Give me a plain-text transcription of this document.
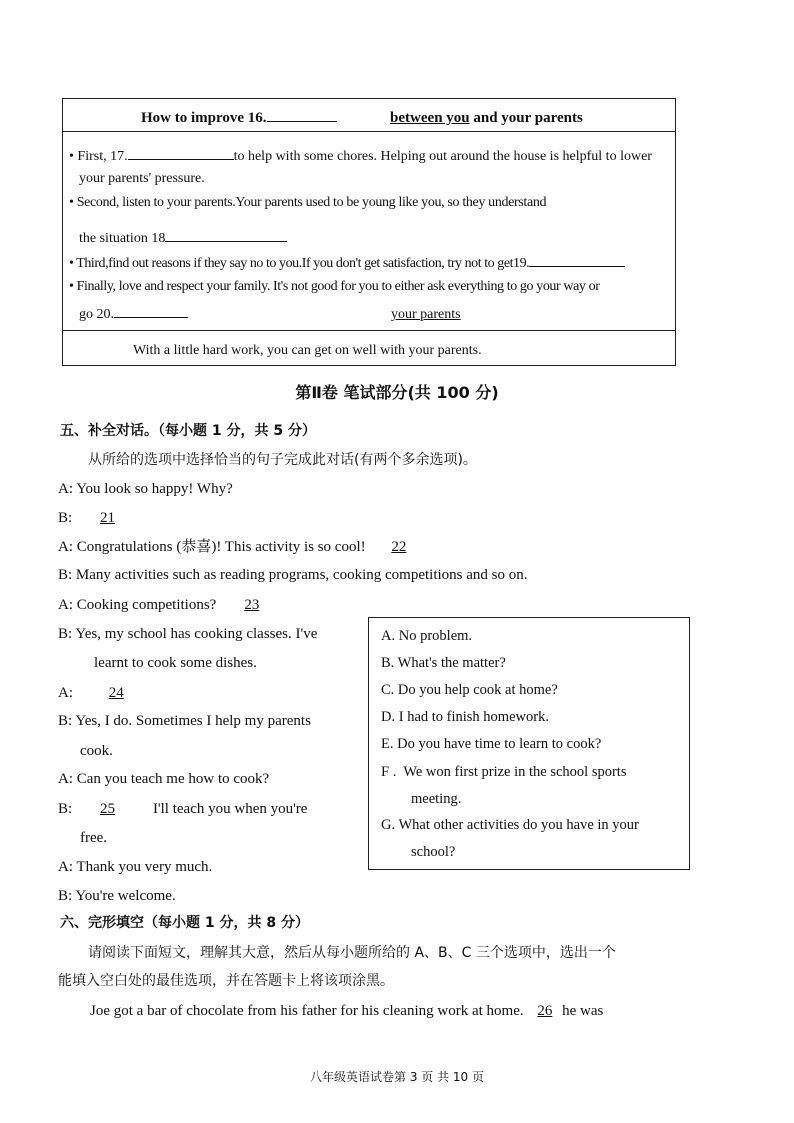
How to improve 16.	between you and your parents
• First, 17.	to help with some chores. Helping out around the house is helpful to lower
your parents' pressure.
• Second, listen to your parents.Your parents used to be young like you, so they understand
the situation 18
• Third,find out reasons if they say no to you.If you don't get satisfaction, try not to get19.
• Finally, love and respect your family. It's not good for you to either ask everything to go your way or
go 20.	your parents
With a little hard work, you can get on well with your parents.
第Ⅱ卷 笔试部分(共 100 分)
五、补全对话。（每小题 1 分，共 5 分）
从所给的选项中选择恰当的句子完成此对话(有两个多余选项)。
A: You look so happy! Why?
B: 21
A: Congratulations (恭喜)! This activity is so cool! 22
B: Many activities such as reading programs, cooking competitions and so on.
A: Cooking competitions? 23
B: Yes, my school has cooking classes. I've
learnt to cook some dishes.
A: 24
B: Yes, I do. Sometimes I help my parents
cook.
A: Can you teach me how to cook?
B: 25	I'll teach you when you're
free.
A: Thank you very much.
B: You're welcome.
A. No problem.
B. What's the matter?
C. Do you help cook at home?
D. I had to finish homework.
E. Do you have time to learn to cook?
F . We won first prize in the school sports
meeting.
G. What other activities do you have in your
school?
六、完形填空（每小题 1 分，共 8 分）
请阅读下面短文，理解其大意，然后从每小题所给的 A、B、C 三个选项中，选出一个
能填入空白处的最佳选项，并在答题卡上将该项涂黑。
Joe got a bar of chocolate from his father for his cleaning work at home. 26 he was
八年级英语试卷第 3 页 共 10 页
